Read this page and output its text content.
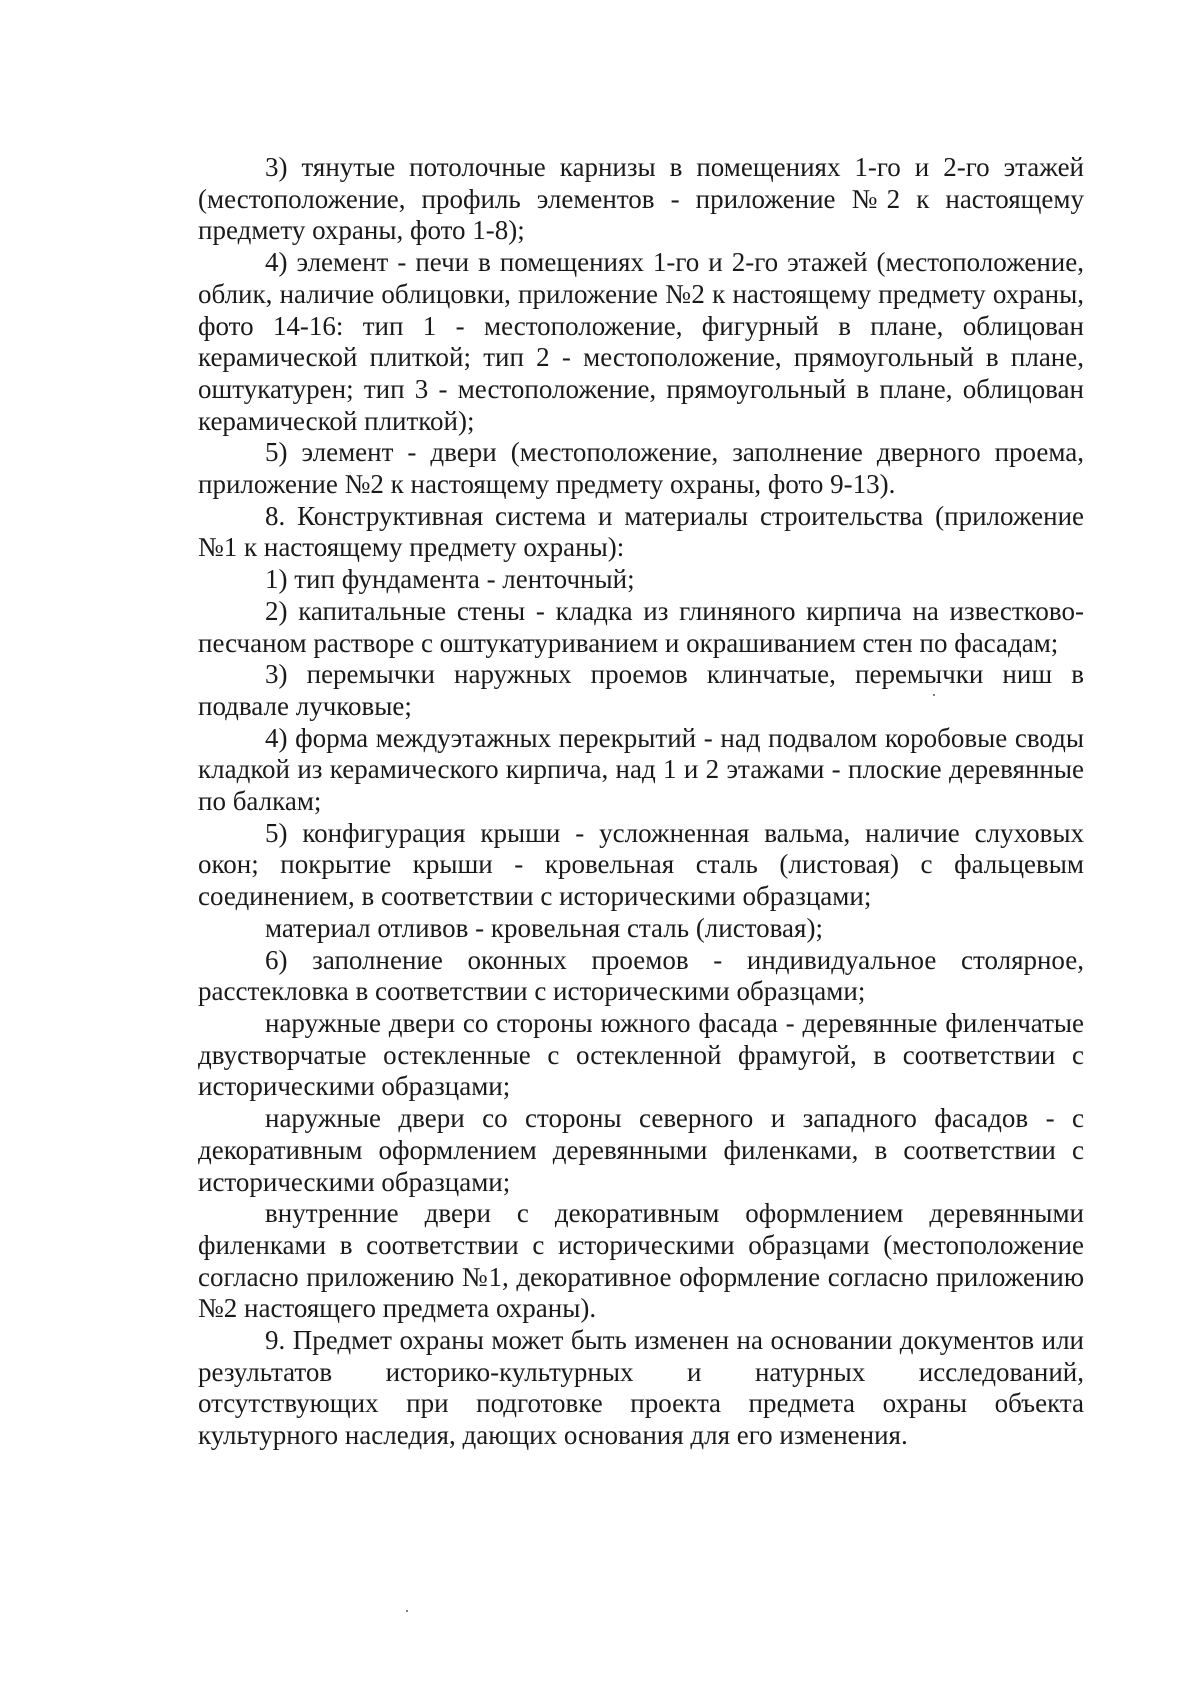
3) тянутые потолочные карнизы в помещениях 1-го и 2-го этажей (местоположение, профиль элементов - приложение №2 к настоящему предмету охраны, фото 1-8);

4) элемент - печи в помещениях 1-го и 2-го этажей (местоположение, облик, наличие облицовки, приложение №2 к настоящему предмету охраны, фото 14-16: тип 1 - местоположение, фигурный в плане, облицован керамической плиткой; тип 2 - местоположение, прямоугольный в плане, оштукатурен; тип 3 - местоположение, прямоугольный в плане, облицован керамической плиткой);

5) элемент - двери (местоположение, заполнение дверного проема, приложение №2 к настоящему предмету охраны, фото 9-13).

8. Конструктивная система и материалы строительства (приложение №1 к настоящему предмету охраны):

1) тип фундамента - ленточный;

2) капитальные стены - кладка из глиняного кирпича на известково-песчаном растворе с оштукатуриванием и окрашиванием стен по фасадам;

3) перемычки наружных проемов клинчатые, перемычки ниш в подвале лучковые;

4) форма междуэтажных перекрытий - над подвалом коробовые своды кладкой из керамического кирпича, над 1 и 2 этажами - плоские деревянные по балкам;

5) конфигурация крыши - усложненная вальма, наличие слуховых окон; покрытие крыши - кровельная сталь (листовая) с фальцевым соединением, в соответствии с историческими образцами;

материал отливов - кровельная сталь (листовая);

6) заполнение оконных проемов - индивидуальное столярное, расстекловка в соответствии с историческими образцами;

наружные двери со стороны южного фасада - деревянные филенчатые двустворчатые остекленные с остекленной фрамугой, в соответствии с историческими образцами;

наружные двери со стороны северного и западного фасадов - с декоративным оформлением деревянными филенками, в соответствии с историческими образцами;

внутренние двери с декоративным оформлением деревянными филенками в соответствии с историческими образцами (местоположение согласно приложению №1, декоративное оформление согласно приложению №2 настоящего предмета охраны).

9. Предмет охраны может быть изменен на основании документов или результатов историко-культурных и натурных исследований, отсутствующих при подготовке проекта предмета охраны объекта культурного наследия, дающих основания для его изменения.
